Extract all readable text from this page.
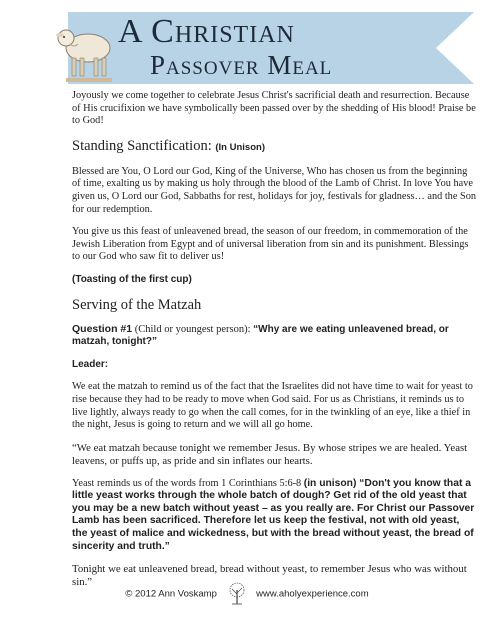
A Christian
Passover Meal

Joyously we come together to celebrate Jesus Christ's sacrificial death and resurrection. Because of His crucifixion we have symbolically been passed over by the shedding of His blood! Praise be to God!

Standing Sanctification: (In Unison)

Blessed are You, O Lord our God, King of the Universe, Who has chosen us from the beginning of time, exalting us by making us holy through the blood of the Lamb of Christ. In love You have given us, O Lord our God, Sabbaths for rest, holidays for joy, festivals for gladness… and the Son for our redemption.

You give us this feast of unleavened bread, the season of our freedom, in commemoration of the Jewish Liberation from Egypt and of universal liberation from sin and its punishment. Blessings to our God who saw fit to deliver us!

(Toasting of the first cup)

Serving of the Matzah

Question #1 (Child or youngest person): “Why are we eating unleavened bread, or matzah, tonight?”

Leader:

We eat the matzah to remind us of the fact that the Israelites did not have time to wait for yeast to rise because they had to be ready to move when God said. For us as Christians, it reminds us to live lightly, always ready to go when the call comes, for in the twinkling of an eye, like a thief in the night, Jesus is going to return and we will all go home.

“We eat matzah because tonight we remember Jesus. By whose stripes we are healed. Yeast leavens, or puffs up, as pride and sin inflates our hearts.

Yeast reminds us of the words from 1 Corinthians 5:6-8 (in unison) “Don't you know that a little yeast works through the whole batch of dough? Get rid of the old yeast that you may be a new batch without yeast – as you really are. For Christ our Passover Lamb has been sacrificed. Therefore let us keep the festival, not with old yeast, the yeast of malice and wickedness, but with the bread without yeast, the bread of sincerity and truth.”

Tonight we eat unleavened bread, bread without yeast, to remember Jesus who was without sin.”

© 2012 Ann Voskamp	www.aholyexperience.com
